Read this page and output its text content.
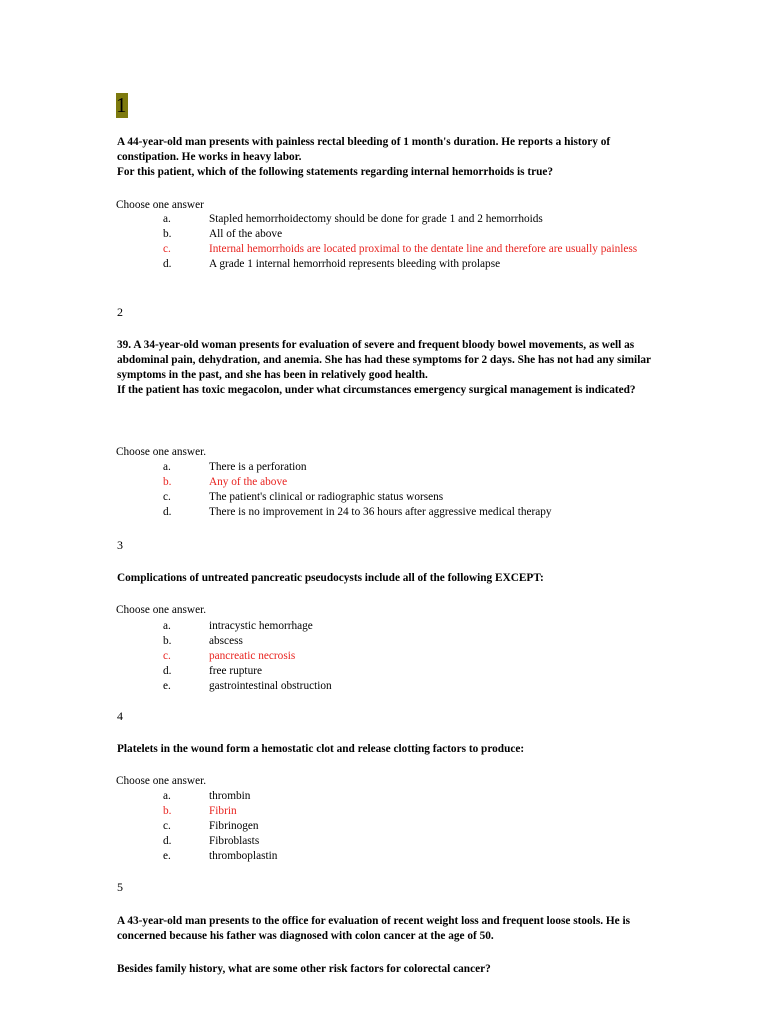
1

A 44-year-old man presents with painless rectal bleeding of 1 month's duration. He reports a history of constipation. He works in heavy labor.
For this patient, which of the following statements regarding internal hemorrhoids is true?

Choose one answer
a.	Stapled hemorrhoidectomy should be done for grade 1 and 2 hemorrhoids
b.	All of the above
c.	Internal hemorrhoids are located proximal to the dentate line and therefore are usually painless
d.	A grade 1 internal hemorrhoid represents bleeding with prolapse
2

39. A 34-year-old woman presents for evaluation of severe and frequent bloody bowel movements, as well as abdominal pain, dehydration, and anemia. She has had these symptoms for 2 days. She has not had any similar symptoms in the past, and she has been in relatively good health.
If the patient has toxic megacolon, under what circumstances emergency surgical management is indicated?

Choose one answer.
a.	There is a perforation
b.	Any of the above
c.	The patient's clinical or radiographic status worsens
d.	There is no improvement in 24 to 36 hours after aggressive medical therapy
3

Complications of untreated pancreatic pseudocysts include all of the following EXCEPT:

Choose one answer.
a.	intracystic hemorrhage
b.	abscess
c.	pancreatic necrosis
d.	free rupture
e.	gastrointestinal obstruction
4

Platelets in the wound form a hemostatic clot and release clotting factors to produce:

Choose one answer.
a.	thrombin
b.	Fibrin
c.	Fibrinogen
d.	Fibroblasts
e.	thromboplastin
5

A 43-year-old man presents to the office for evaluation of recent weight loss and frequent loose stools. He is concerned because his father was diagnosed with colon cancer at the age of 50.

Besides family history, what are some other risk factors for colorectal cancer?
